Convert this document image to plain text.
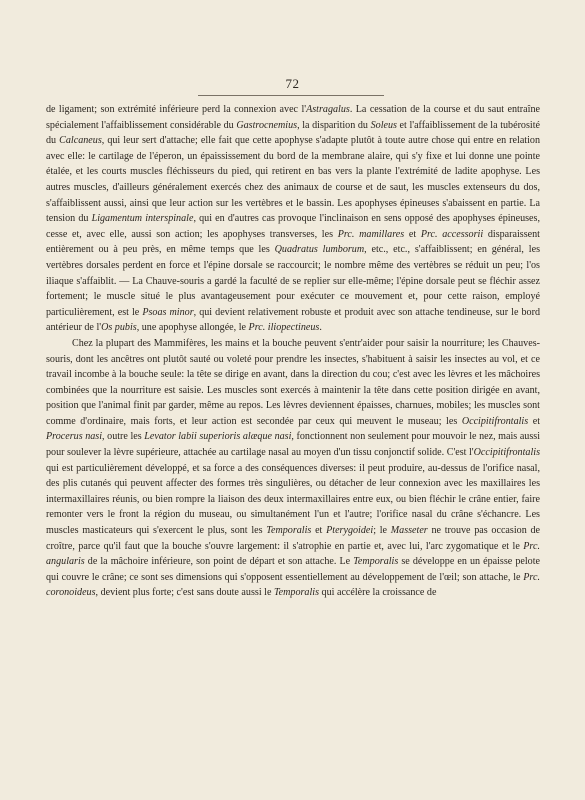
72

de ligament; son extrémité inférieure perd la connexion avec l'Astragalus. La cessation de la course et du saut entraîne spécialement l'affaiblissement considérable du Gastrocnemius, la disparition du Soleus et l'affaiblissement de la tubérosité du Calcaneus, qui leur sert d'attache; elle fait que cette apophyse s'adapte plutôt à toute autre chose qui entre en relation avec elle: le cartilage de l'éperon, un épaississement du bord de la membrane alaire, qui s'y fixe et lui donne une pointe étalée, et les courts muscles fléchisseurs du pied, qui retirent en bas vers la plante l'extrémité de ladite apophyse. Les autres muscles, d'ailleurs généralement exercés chez des animaux de course et de saut, les muscles extenseurs du dos, s'affaiblissent aussi, ainsi que leur action sur les vertèbres et le bassin. Les apophyses épineuses s'abaissent en partie. La tension du Ligamentum interspinale, qui en d'autres cas provoque l'inclinaison en sens opposé des apophyses épineuses, cesse et, avec elle, aussi son action; les apophyses transverses, les Prc. mamillares et Prc. accessorii disparaissent entièrement ou à peu près, en même temps que les Quadratus lumborum, etc., etc., s'affaiblissent; en général, les vertèbres dorsales perdent en force et l'épine dorsale se raccourcit; le nombre même des vertèbres se réduit un peu; l'os iliaque s'affaiblit. — La Chauve-souris a gardé la faculté de se replier sur elle-même; l'épine dorsale peut se fléchir assez fortement; le muscle situé le plus avantageusement pour exécuter ce mouvement et, pour cette raison, employé particulièrement, est le Psoas minor, qui devient relativement robuste et produit avec son attache tendineuse, sur le bord antérieur de l'Os pubis, une apophyse allongée, le Prc. iliopectineus.

Chez la plupart des Mammifères, les mains et la bouche peuvent s'entr'aider pour saisir la nourriture; les Chauves-souris, dont les ancêtres ont plutôt sauté ou voleté pour prendre les insectes, s'habituent à saisir les insectes au vol, et ce travail incombe à la bouche seule: la tête se dirige en avant, dans la direction du cou; c'est avec les lèvres et les mâchoires combinées que la nourriture est saisie. Les muscles sont exercés à maintenir la tête dans cette position dirigée en avant, position que l'animal finit par garder, même au repos. Les lèvres deviennent épaisses, charnues, mobiles; les muscles sont comme d'ordinaire, mais forts, et leur action est secondée par ceux qui meuvent le museau; les Occipitifrontalis et Procerus nasi, outre les Levator labii superioris alæque nasi, fonctionnent non seulement pour mouvoir le nez, mais aussi pour soulever la lèvre supérieure, attachée au cartilage nasal au moyen d'un tissu conjonctif solide. C'est l'Occipitifrontalis qui est particulièrement développé, et sa force a des conséquences diverses: il peut produire, au-dessus de l'orifice nasal, des plis cutanés qui peuvent affecter des formes très singulières, ou détacher de leur connexion avec les maxillaires les intermaxillaires réunis, ou bien rompre la liaison des deux intermaxillaires entre eux, ou bien fléchir le crâne entier, faire remonter vers le front la région du museau, ou simultanément l'un et l'autre; l'orifice nasal du crâne s'échancre. Les muscles masticateurs qui s'exercent le plus, sont les Temporalis et Pterygoidei; le Masseter ne trouve pas occasion de croître, parce qu'il faut que la bouche s'ouvre largement: il s'atrophie en partie et, avec lui, l'arc zygomatique et le Prc. angularis de la mâchoire inférieure, son point de départ et son attache. Le Temporalis se développe en un épaisse pelote qui couvre le crâne; ce sont ses dimensions qui s'opposent essentiellement au développement de l'œil; son attache, le Prc. coronoideus, devient plus forte; c'est sans doute aussi le Temporalis qui accélère la croissance de
